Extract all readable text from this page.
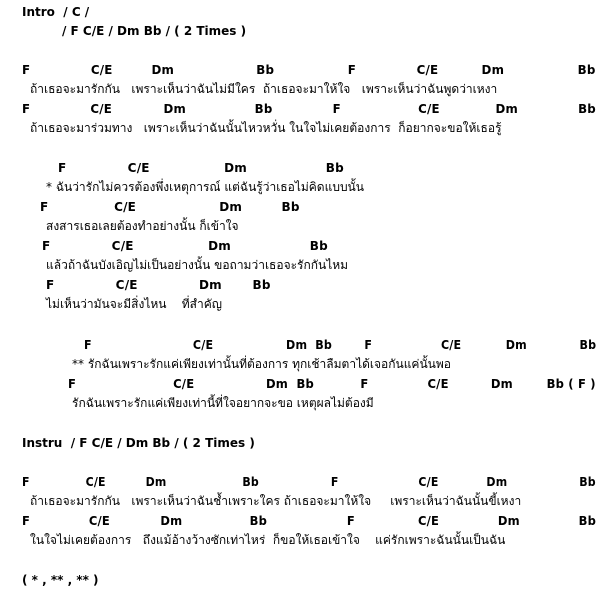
Intro  / C /
/ F C/E / Dm Bb / ( 2 Times )
F              C/E         Dm                   Bb                 F              C/E          Dm                 Bb
ถ้าเธอจะมารักกัน   เพราะเห็นว่าฉันไม่มีใคร  ถ้าเธอจะมาให้ใจ   เพราะเห็นว่าฉันพูดว่าเหงา
F              C/E            Dm                Bb              F                  C/E             Dm              Bb
ถ้าเธอจะมาร่วมทาง   เพราะเห็นว่าฉันนั้นไหวหวั่น ในใจไม่เคยต้องการ  ก็อยากจะขอให้เธอรู้
F              C/E                 Dm                  Bb
* ฉันว่ารักไม่ควรต้องพึ่งเหตุการณ์ แต่ฉันรู้ว่าเธอไม่คิดแบบนั้น
F               C/E                   Dm         Bb
สงสารเธอเลยต้องทำอย่างนั้น ก็เข้าใจ
F              C/E                 Dm                  Bb
แล้วถ้าฉันบังเอิญไม่เป็นอย่างนั้น ขอถามว่าเธอจะรักกันไหม
F              C/E              Dm       Bb
ไม่เห็นว่ามันจะมีสิ่งไหน    ที่สำคัญ
F                         C/E                  Dm  Bb        F                 C/E           Dm             Bb
** รักฉันเพราะรักแค่เพียงเท่านั้นที่ต้องการ ทุกเช้าลืมตาได้เจอกันแค่นั้นพอ
F                       C/E                 Dm  Bb           F              C/E          Dm        Bb ( F )
รักฉันเพราะรักแค่เพียงเท่านี้ที่ใจอยากจะขอ เหตุผลไม่ต้องมี
Instru  / F C/E / Dm Bb / ( 2 Times )
F              C/E          Dm                   Bb                  F                    C/E            Dm                  Bb
ถ้าเธอจะมารักกัน   เพราะเห็นว่าฉันช้ำเพราะใคร ถ้าเธอจะมาให้ใจ     เพราะเห็นว่าฉันนั้นขี้เหงา
F              C/E            Dm                Bb                   F               C/E              Dm              Bb
ในใจไม่เคยต้องการ   ถึงแม้อ้างว้างซักเท่าไหร่  ก็ขอให้เธอเข้าใจ    แค่รักเพราะฉันนั้นเป็นฉัน
( * , ** , ** )
